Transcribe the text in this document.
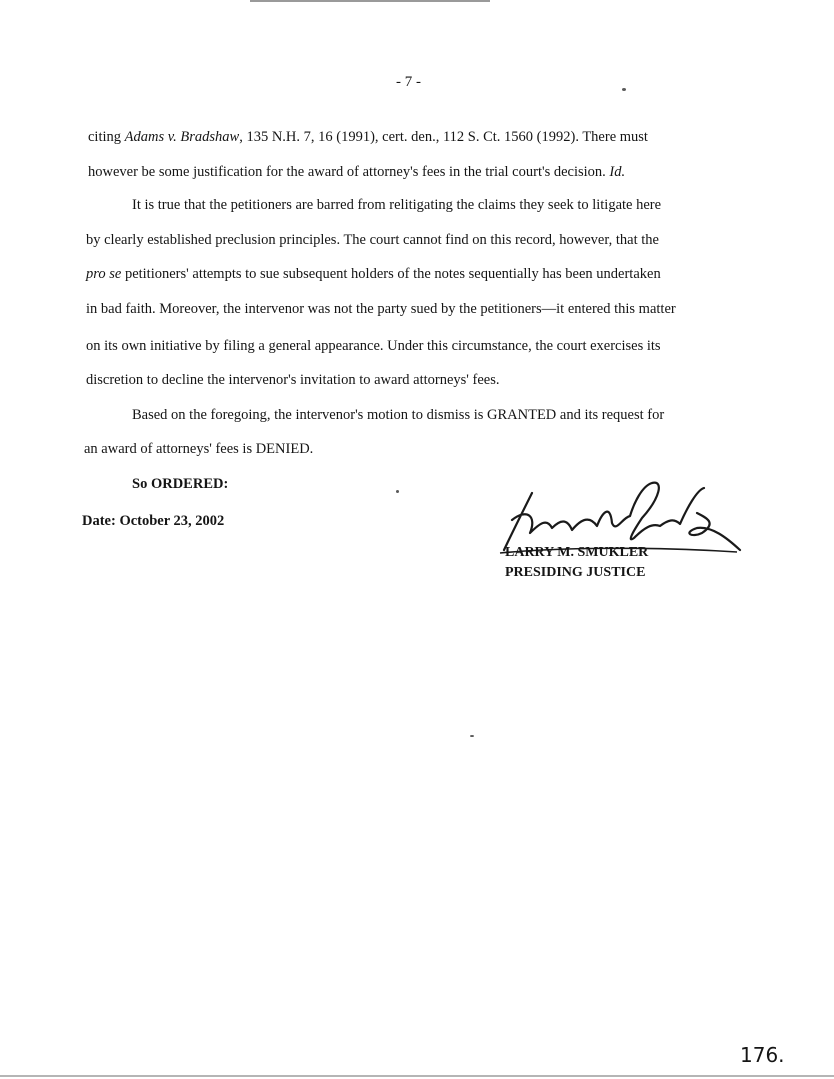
- 7 -
citing Adams v. Bradshaw, 135 N.H. 7, 16 (1991), cert. den., 112 S. Ct. 1560 (1992). There must
however be some justification for the award of attorney's fees in the trial court's decision. Id.
It is true that the petitioners are barred from relitigating the claims they seek to litigate here
by clearly established preclusion principles. The court cannot find on this record, however, that the
pro se petitioners' attempts to sue subsequent holders of the notes sequentially has been undertaken
in bad faith. Moreover, the intervenor was not the party sued by the petitioners—it entered this matter
on its own initiative by filing a general appearance. Under this circumstance, the court exercises its
discretion to decline the intervenor's invitation to award attorneys' fees.
Based on the foregoing, the intervenor's motion to dismiss is GRANTED and its request for
an award of attorneys' fees is DENIED.
So ORDERED:
Date: October 23, 2002
LARRY M. SMUKLER
PRESIDING JUSTICE
176.
